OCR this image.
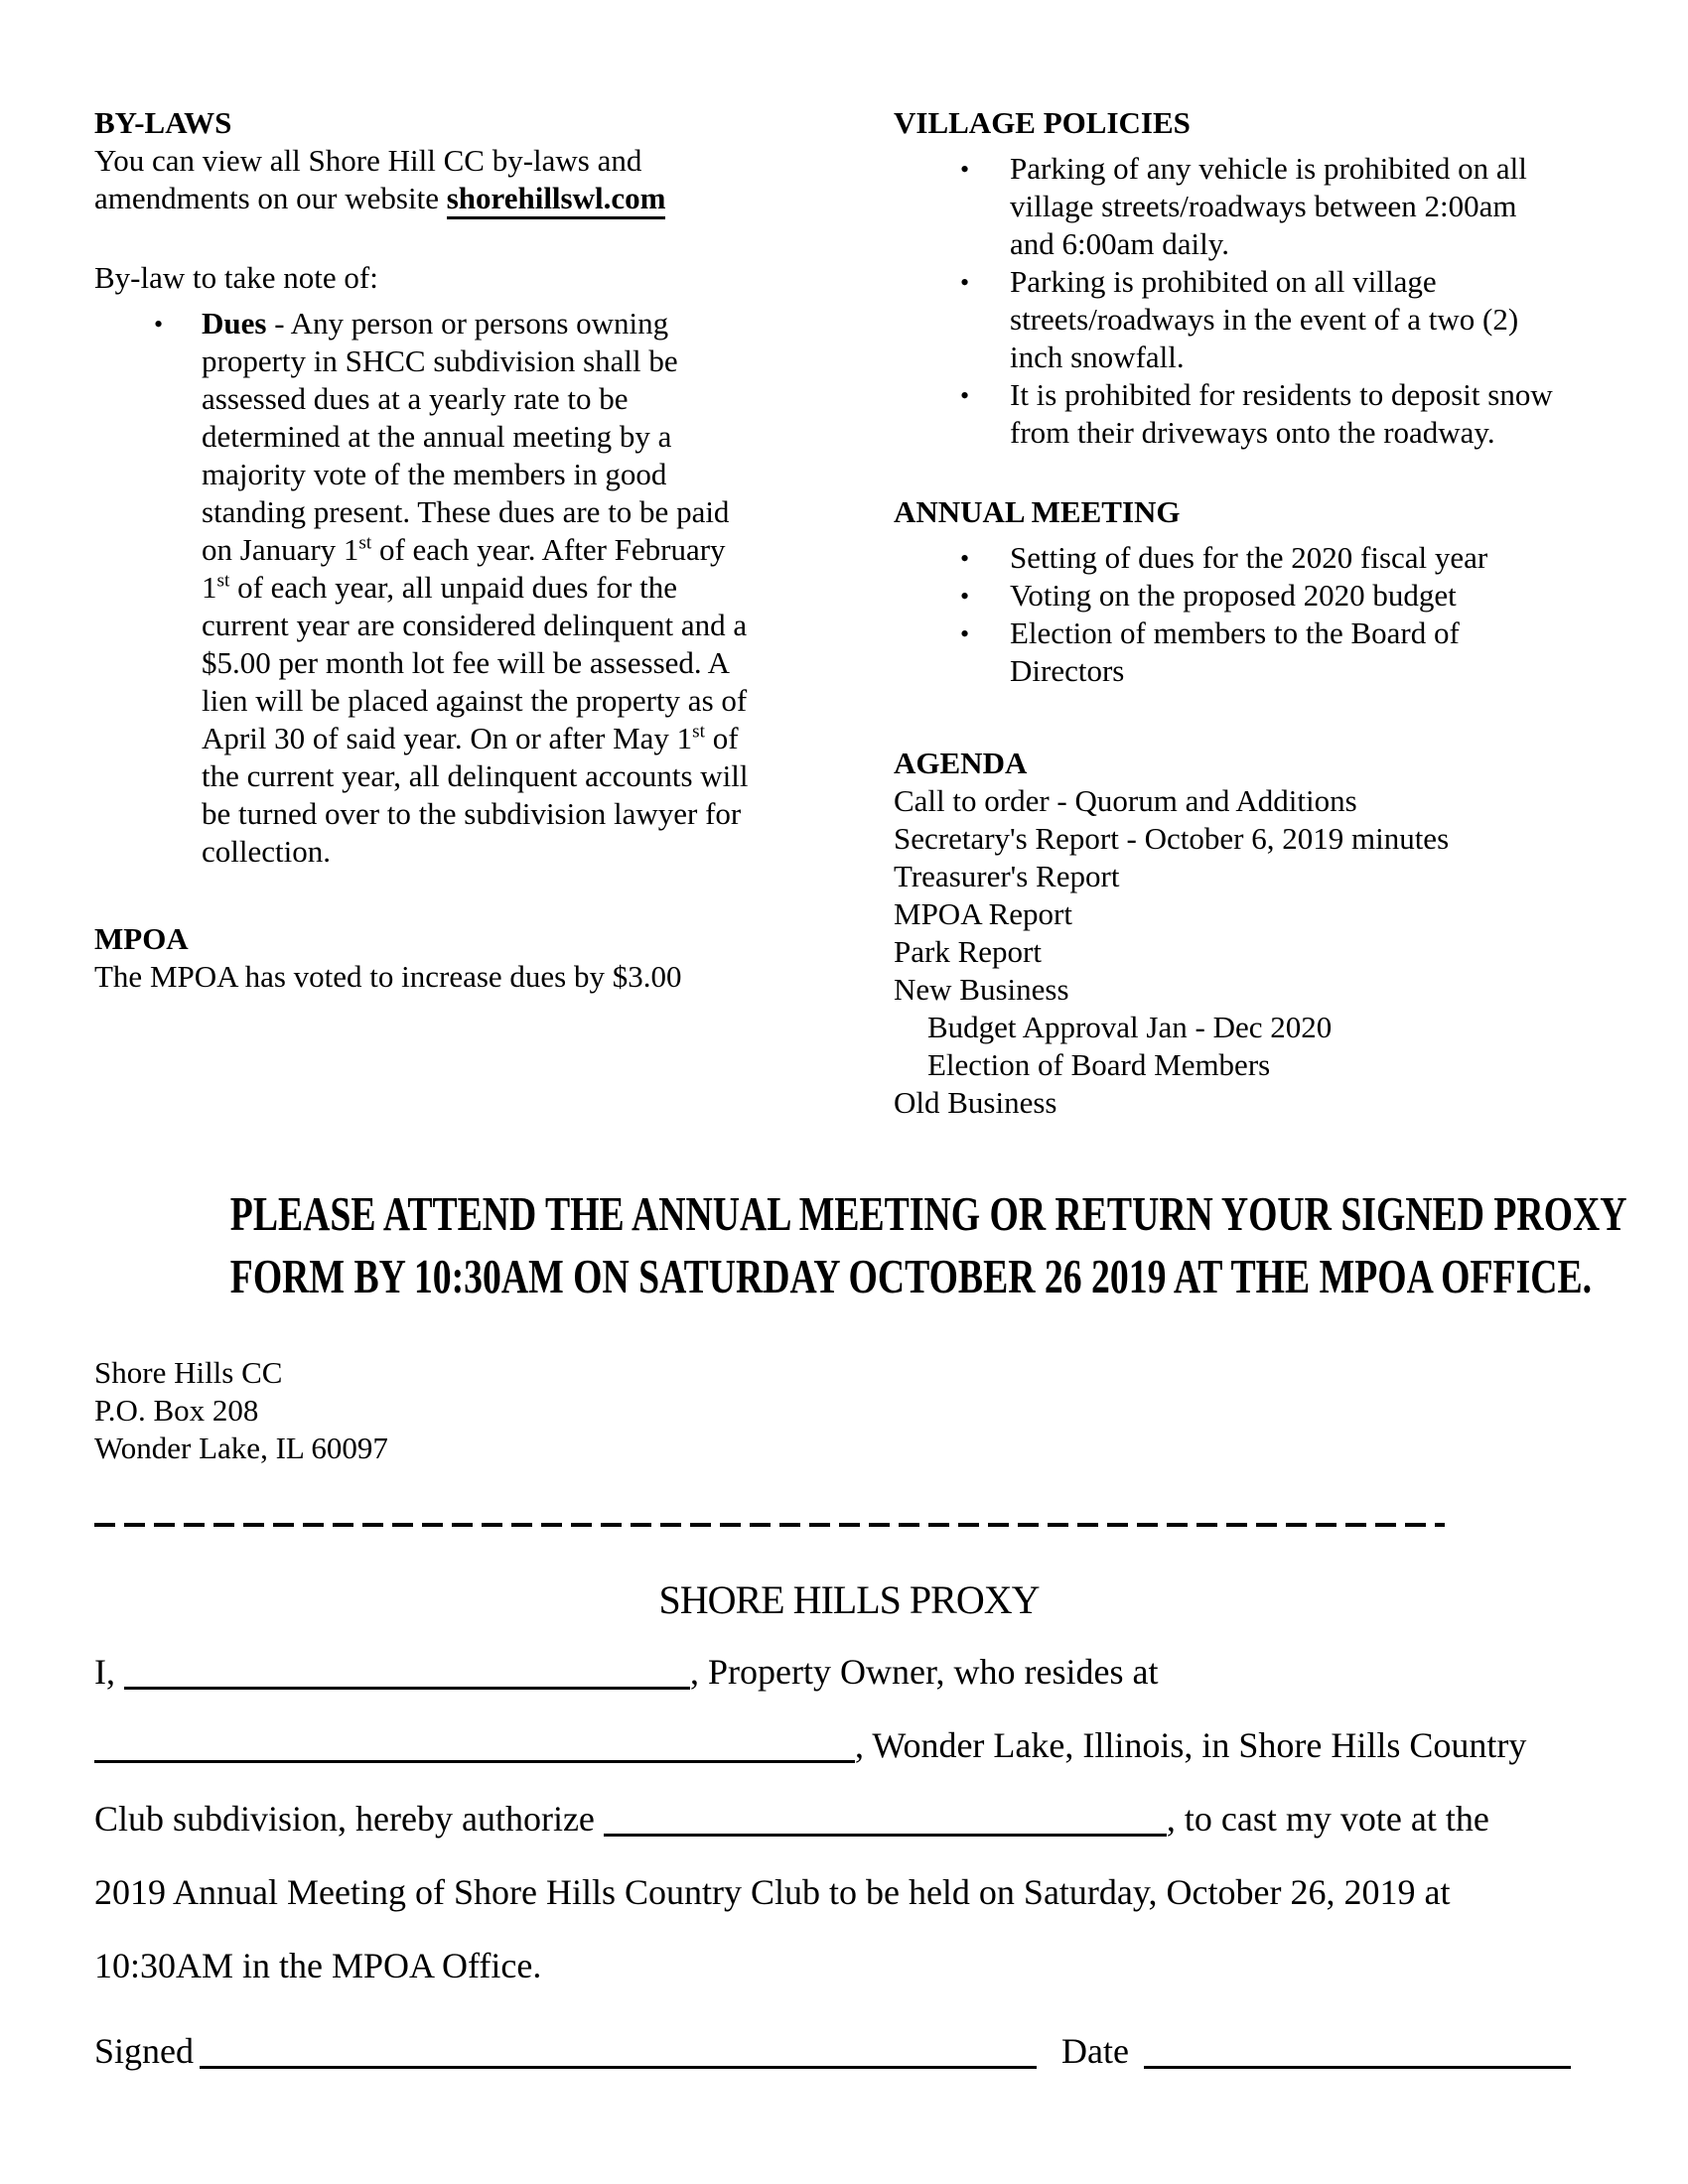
BY-LAWS
You can view all Shore Hill CC by-laws and
amendments on our website shorehillswl.com
By-law to take note of:
• Dues - Any person or persons owning
property in SHCC subdivision shall be
assessed dues at a yearly rate to be
determined at the annual meeting by a
majority vote of the members in good
standing present. These dues are to be paid
on January 1st of each year. After February
1st of each year, all unpaid dues for the
current year are considered delinquent and a
$5.00 per month lot fee will be assessed. A
lien will be placed against the property as of
April 30 of said year. On or after May 1st of
the current year, all delinquent accounts will
be turned over to the subdivision lawyer for
collection.
MPOA
The MPOA has voted to increase dues by $3.00
VILLAGE POLICIES
• Parking of any vehicle is prohibited on all
village streets/roadways between 2:00am
and 6:00am daily.
• Parking is prohibited on all village
streets/roadways in the event of a two (2)
inch snowfall.
• It is prohibited for residents to deposit snow
from their driveways onto the roadway.
ANNUAL MEETING
• Setting of dues for the 2020 fiscal year
• Voting on the proposed 2020 budget
• Election of members to the Board of
Directors
AGENDA
Call to order - Quorum and Additions
Secretary's Report - October 6, 2019 minutes
Treasurer's Report
MPOA Report
Park Report
New Business
Budget Approval Jan - Dec 2020
Election of Board Members
Old Business
PLEASE ATTEND THE ANNUAL MEETING OR RETURN YOUR SIGNED PROXY
FORM BY 10:30AM ON SATURDAY OCTOBER 26 2019 AT THE MPOA OFFICE.
Shore Hills CC
P.O. Box 208
Wonder Lake, IL 60097
SHORE HILLS PROXY
I,	, Property Owner, who resides at
, Wonder Lake, Illinois, in Shore Hills Country
Club subdivision, hereby authorize	, to cast my vote at the
2019 Annual Meeting of Shore Hills Country Club to be held on Saturday, October 26, 2019 at
10:30AM in the MPOA Office.
Signed	Date
